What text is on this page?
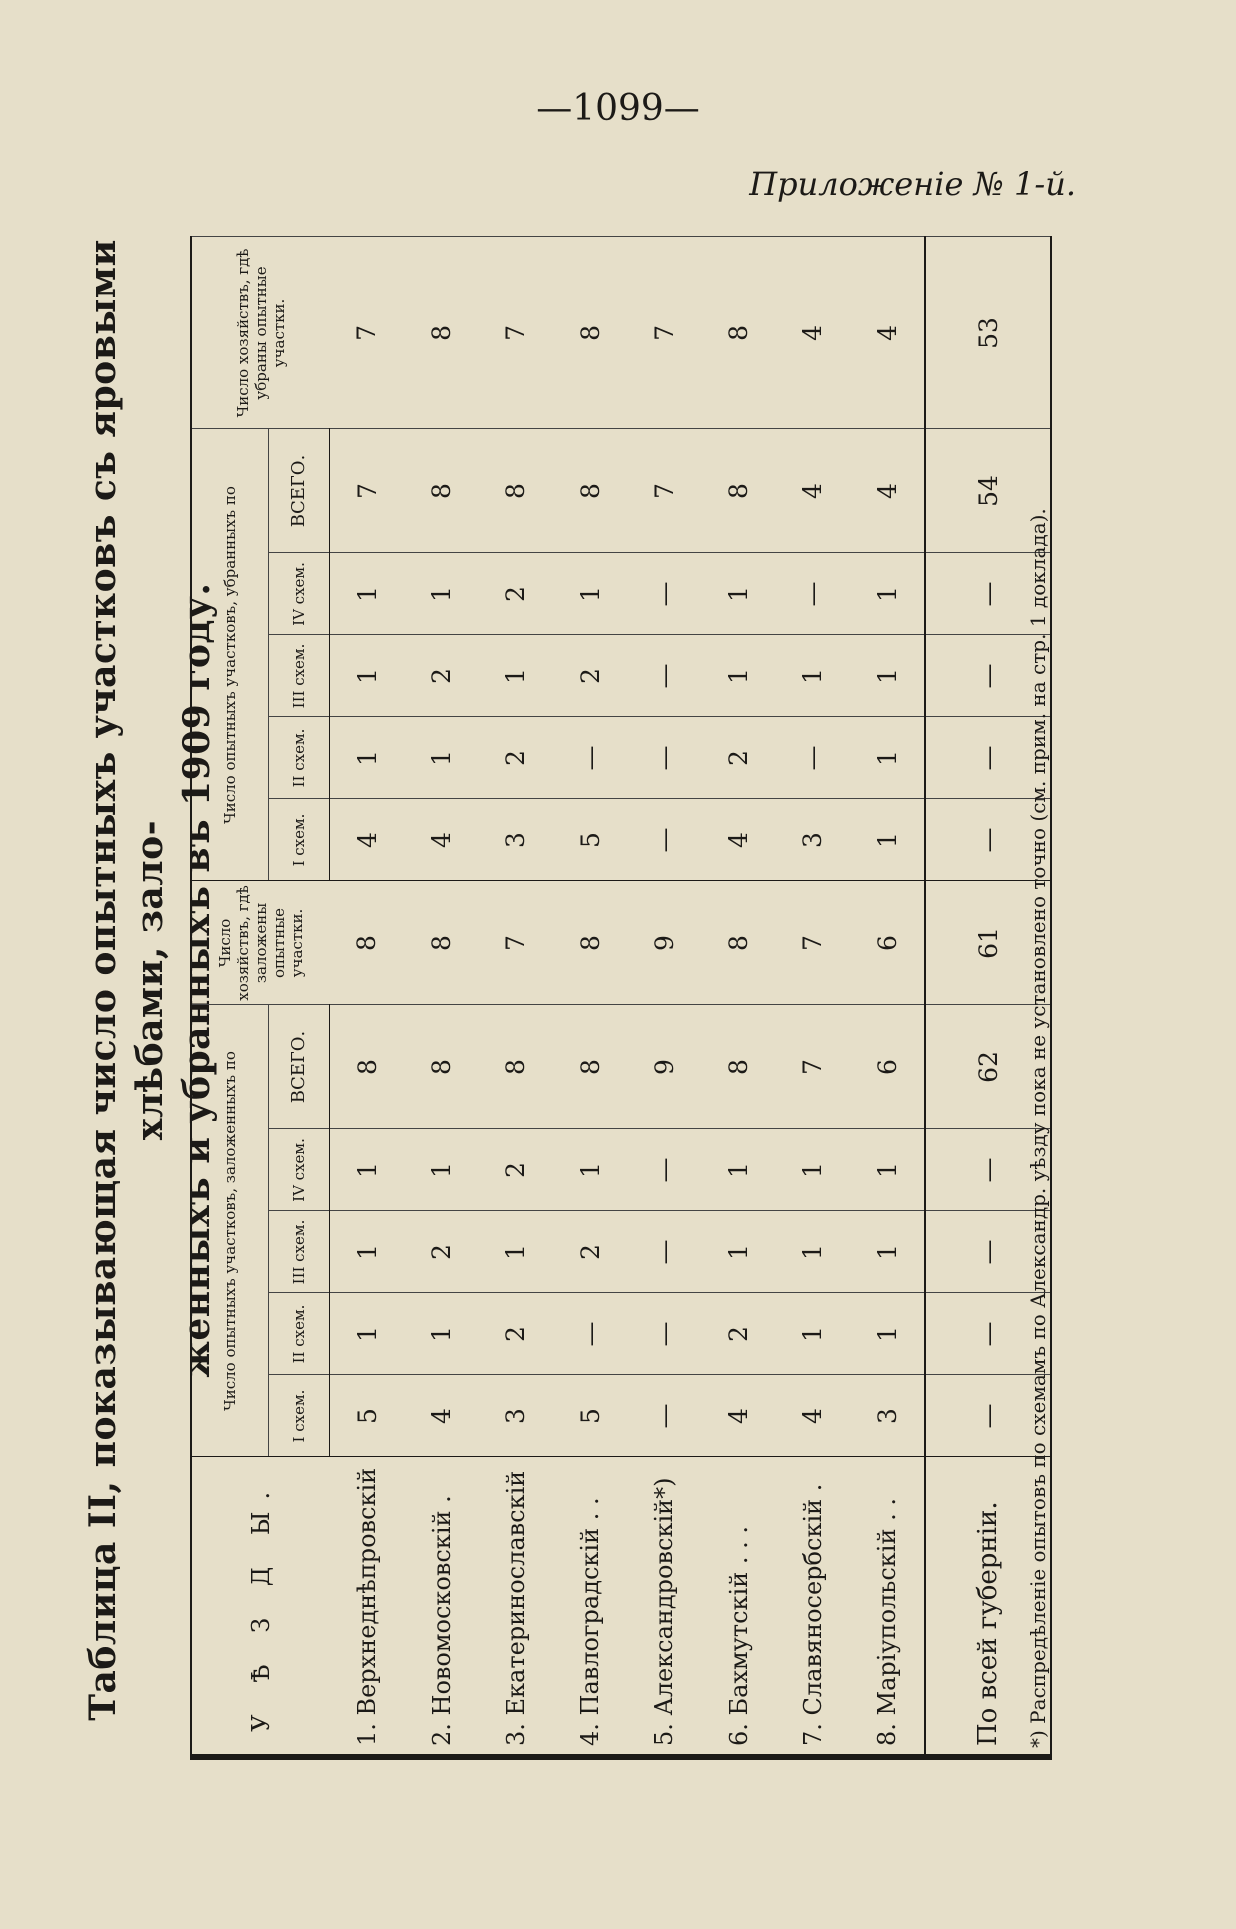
—1099—
Приложеніе № 1-й.
Таблица II, показывающая число опытныхъ участковъ съ яровыми хлѣбами, зало- женныхъ и убранныхъ въ 1909 году.
У Ѣ З Д Ы.	Число опытныхъ участковъ, заложенныхъ по					Число хозяйствъ, гдѣ заложены опытные участки.	Число опытныхъ участковъ, убранныхъ по					Число хозяйствъ, гдѣ убраны опытные участки.
	I схем.	II схем.	III схем.	IV схем.	ВСЕГО.		I схем.	II схем.	III схем.	IV схем.	ВСЕГО.	
1. Верхнеднѣпровскій	5	1	1	1	8	8	4	1	1	1	7	7
2. Новомосковскій .	4	1	2	1	8	8	4	1	2	1	8	8
3. Екатеринославскій	3	2	1	2	8	7	3	2	1	2	8	7
4. Павлоградскій . .	5	—	2	1	8	8	5	—	2	1	8	8
5. Александровскій*)	—	—	—	—	9	9	—	—	—	—	7	7
6. Бахмутскій . . .	4	2	1	1	8	8	4	2	1	1	8	8
7. Славяносербскій .	4	1	1	1	7	7	3	—	1	—	4	4
8. Маріупольскій . .	3	1	1	1	6	6	1	1	1	1	4	4
По всей губерніи.	—	—	—	—	62	61	—	—	—	—	54	53
*) Распредѣленіе опытовъ по схемамъ по Александр. уѣзду пока не установлено точно (см. прим. на стр. 1 доклада).
